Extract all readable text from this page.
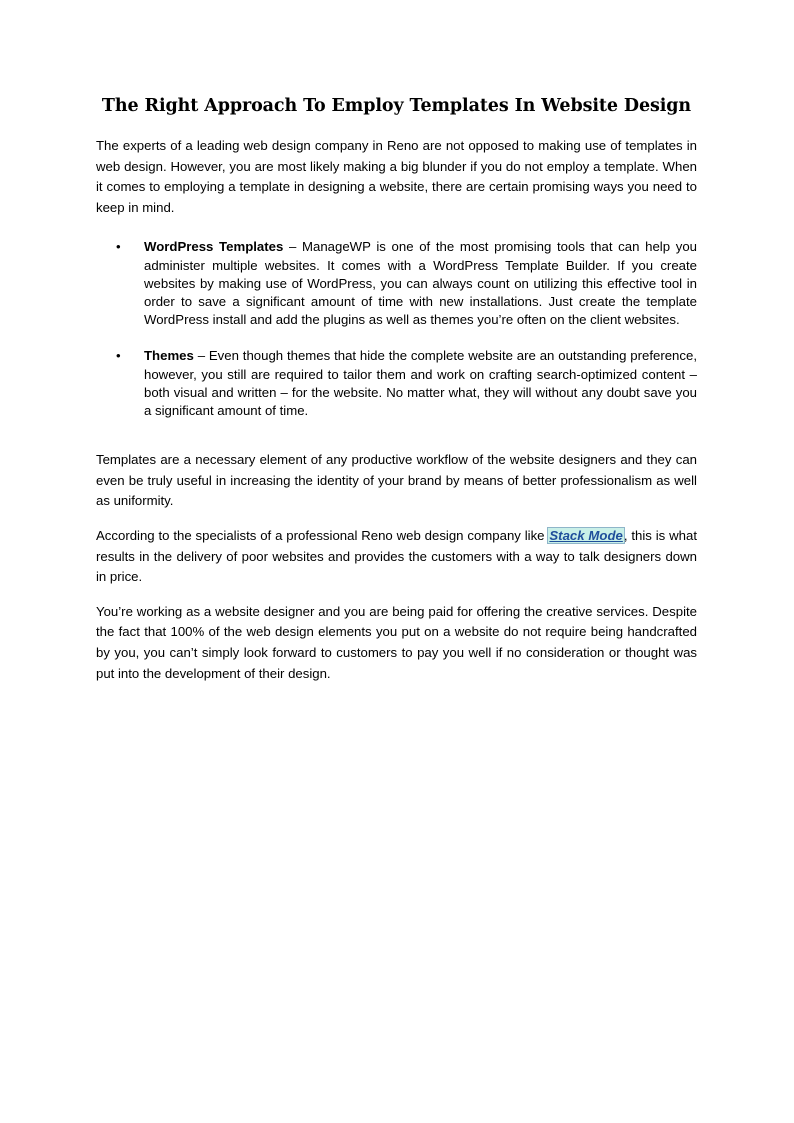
The Right Approach To Employ Templates In Website Design

The experts of a leading web design company in Reno are not opposed to making use of templates in web design. However, you are most likely making a big blunder if you do not employ a template. When it comes to employing a template in designing a website, there are certain promising ways you need to keep in mind.

• WordPress Templates – ManageWP is one of the most promising tools that can help you administer multiple websites. It comes with a WordPress Template Builder. If you create websites by making use of WordPress, you can always count on utilizing this effective tool in order to save a significant amount of time with new installations. Just create the template WordPress install and add the plugins as well as themes you’re often on the client websites.
• Themes – Even though themes that hide the complete website are an outstanding preference, however, you still are required to tailor them and work on crafting search-optimized content – both visual and written – for the website. No matter what, they will without any doubt save you a significant amount of time.

Templates are a necessary element of any productive workflow of the website designers and they can even be truly useful in increasing the identity of your brand by means of better professionalism as well as uniformity.

According to the specialists of a professional Reno web design company like Stack Mode, this is what results in the delivery of poor websites and provides the customers with a way to talk designers down in price.

You’re working as a website designer and you are being paid for offering the creative services. Despite the fact that 100% of the web design elements you put on a website do not require being handcrafted by you, you can’t simply look forward to customers to pay you well if no consideration or thought was put into the development of their design.
